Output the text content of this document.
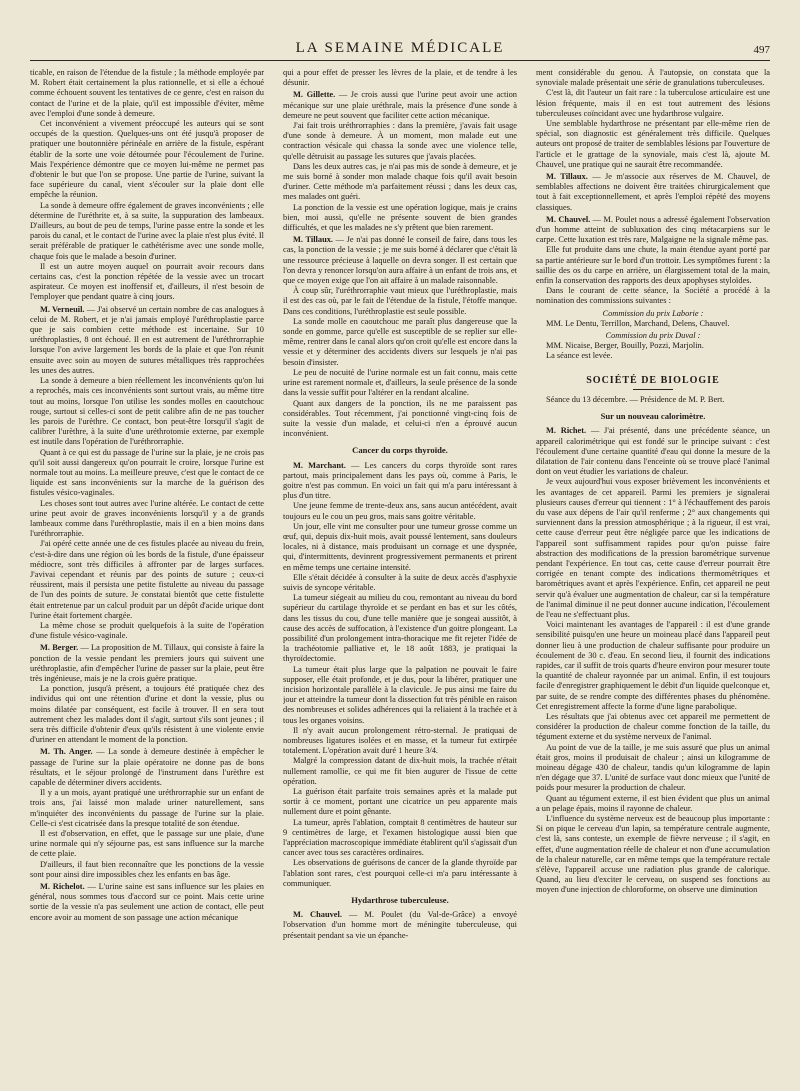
LA SEMAINE MÉDICALE	497

ticable, en raison de l'étendue de la fistule ; la méthode employée par M. Robert était certainement la plus rationnelle, et si elle a échoué comme échouent souvent les tentatives de ce genre, c'est en raison du contact de l'urine et de la plaie, qu'il est impossible d'éviter, même avec l'emploi d'une sonde à demeure.

Cet inconvénient a vivement préoccupé les auteurs qui se sont occupés de la question. Quelques-uns ont été jusqu'à proposer de pratiquer une boutonnière périnéale en arrière de la fistule, espérant établir de la sorte une voie détournée pour l'écoulement de l'urine. Mais l'expérience démontre que ce moyen lui-même ne permet pas d'obtenir le but que l'on se propose. Une partie de l'urine, suivant la face supérieure du canal, vient s'écouler sur la plaie dont elle empêche la réunion.

La sonde à demeure offre également de graves inconvénients ; elle détermine de l'uréthrite et, à sa suite, la suppuration des lambeaux. D'ailleurs, au bout de peu de temps, l'urine passe entre la sonde et les parois du canal, et le contact de l'urine avec la plaie n'est plus évité. Il serait préférable de pratiquer le cathétérisme avec une sonde molle, chaque fois que le malade a besoin d'uriner.

Il est un autre moyen auquel on pourrait avoir recours dans certains cas, c'est la ponction répétée de la vessie avec un trocart aspirateur. Ce moyen est inoffensif et, d'ailleurs, il n'est besoin de l'employer que pendant quatre à cinq jours.

M. Verneuil. — J'ai observé un certain nombre de cas analogues à celui de M. Robert, et je n'ai jamais employé l'uréthroplastie parce que je sais combien cette méthode est incertaine. Sur 10 uréthroplasties, 8 ont échoué. Il en est autrement de l'uréthrorraphie lorsque l'on avive largement les bords de la plaie et que l'on réunit ensuite avec soin au moyen de sutures métalliques très rapprochées les unes des autres.

La sonde à demeure a bien réellement les inconvénients qu'on lui a reprochés, mais ces inconvénients sont surtout vrais, au même titre tout au moins, lorsque l'on utilise les sondes molles en caoutchouc rouge, surtout si celles-ci sont de petit calibre afin de ne pas toucher les parois de l'urèthre. Ce contact, bon peut-être lorsqu'il s'agit de calibrer l'urèthre, à la suite d'une uréthrotomie externe, par exemple est inutile dans l'opération de l'uréthrorraphie.

Quant à ce qui est du passage de l'urine sur la plaie, je ne crois pas qu'il soit aussi dangereux qu'on pourrait le croire, lorsque l'urine est normale tout au moins. La meilleure preuve, c'est que le contact de ce liquide est sans inconvénients sur la marche de la guérison des fistules vésico-vaginales.

Les choses sont tout autres avec l'urine altérée. Le contact de cette urine peut avoir de graves inconvénients lorsqu'il y a de grands lambeaux comme dans l'uréthroplastie, mais il en a bien moins dans l'uréthrorraphie.

J'ai opéré cette année une de ces fistules placée au niveau du frein, c'est-à-dire dans une région où les bords de la fistule, d'une épaisseur médiocre, sont très difficiles à affronter par de larges surfaces. J'avivai cependant et réunis par des points de suture ; ceux-ci réussirent, mais il persista une petite fistulette au niveau du passage de l'un des points de suture. Je constatai bientôt que cette fistulette était entretenue par un calcul produit par un dépôt d'acide urique dont l'urine était fortement chargée.

La même chose se produit quelquefois à la suite de l'opération d'une fistule vésico-vaginale.

M. Berger. — La proposition de M. Tillaux, qui consiste à faire la ponction de la vessie pendant les premiers jours qui suivent une uréthroplastie, afin d'empêcher l'urine de passer sur la plaie, peut être très ingénieuse, mais je ne la crois guère pratique.

La ponction, jusqu'à présent, a toujours été pratiquée chez des individus qui ont une rétention d'urine et dont la vessie, plus ou moins dilatée par conséquent, est facile à trouver. Il en sera tout autrement chez les malades dont il s'agit, surtout s'ils sont jeunes ; il sera très difficile d'obtenir d'eux qu'ils résistent à une violente envie d'uriner en attendant le moment de la ponction.

M. Th. Anger. — La sonde à demeure destinée à empêcher le passage de l'urine sur la plaie opératoire ne donne pas de bons résultats, et le séjour prolongé de l'instrument dans l'urèthre est capable de déterminer divers accidents.

Il y a un mois, ayant pratiqué une uréthrorraphie sur un enfant de trois ans, j'ai laissé mon malade uriner naturellement, sans m'inquiéter des inconvénients du passage de l'urine sur la plaie. Celle-ci s'est cicatrisée dans la presque totalité de son étendue.

Il est d'observation, en effet, que le passage sur une plaie, d'une urine normale qui n'y séjourne pas, est sans influence sur la marche de cette plaie.

D'ailleurs, il faut bien reconnaître que les ponctions de la vessie sont pour ainsi dire impossibles chez les enfants en bas âge.

M. Richelot. — L'urine saine est sans influence sur les plaies en général, nous sommes tous d'accord sur ce point. Mais cette urine sortie de la vessie n'a pas seulement une action de contact, elle peut encore avoir au moment de son passage une action mécanique

qui a pour effet de presser les lèvres de la plaie, et de tendre à les désunir.

M. Gillette. — Je crois aussi que l'urine peut avoir une action mécanique sur une plaie uréthrale, mais la présence d'une sonde à demeure ne peut souvent que faciliter cette action mécanique.

J'ai fait trois uréthrorraphies : dans la première, j'avais fait usage d'une sonde à demeure. À un moment, mon malade eut une contraction vésicale qui chassa la sonde avec une violence telle, qu'elle détruisit au passage les sutures que j'avais placées.

Dans les deux autres cas, je n'ai pas mis de sonde à demeure, et je me suis borné à sonder mon malade chaque fois qu'il avait besoin d'uriner. Cette méthode m'a parfaitement réussi ; dans les deux cas, mes malades ont guéri.

La ponction de la vessie est une opération logique, mais je crains bien, moi aussi, qu'elle ne présente souvent de bien grandes difficultés, et que les malades ne s'y prêtent que bien rarement.

M. Tillaux. — Je n'ai pas donné le conseil de faire, dans tous les cas, la ponction de la vessie ; je me suis borné à déclarer que c'était là une ressource précieuse à laquelle on devra songer. Il est certain que l'on devra y renoncer lorsqu'on aura affaire à un enfant de trois ans, et que ce moyen exige que l'on ait affaire à un malade raisonnable.

À coup sûr, l'uréthrorraphie vaut mieux que l'uréthroplastie, mais il est des cas où, par le fait de l'étendue de la fistule, l'étoffe manque. Dans ces conditions, l'uréthroplastie est seule possible.

La sonde molle en caoutchouc me paraît plus dangereuse que la sonde en gomme, parce qu'elle est susceptible de se replier sur elle-même, rentrer dans le canal alors qu'on croit qu'elle est encore dans la vessie et y déterminer des accidents divers sur lesquels je n'ai pas besoin d'insister.

Le peu de nocuité de l'urine normale est un fait connu, mais cette urine est rarement normale et, d'ailleurs, la seule présence de la sonde dans la vessie suffit pour l'altérer en la rendant alcaline.

Quant aux dangers de la ponction, ils ne me paraissent pas considérables. Tout récemment, j'ai ponctionné vingt-cinq fois de suite la vessie d'un malade, et celui-ci n'en a éprouvé aucun inconvénient.

Cancer du corps thyroïde.

M. Marchant. — Les cancers du corps thyroïde sont rares partout, mais principalement dans les pays où, comme à Paris, le goitre n'est pas commun. En voici un fait qui m'a paru intéressant à plus d'un titre.

Une jeune femme de trente-deux ans, sans aucun antécédent, avait toujours eu le cou un peu gros, mais sans goitre véritable.

Un jour, elle vint me consulter pour une tumeur grosse comme un œuf, qui, depuis dix-huit mois, avait poussé lentement, sans douleurs locales, ni à distance, mais produisant un cornage et une dyspnée, qui, d'intermittents, devinrent progressivement permanents et prirent en même temps une certaine intensité.

Elle s'était décidée à consulter à la suite de deux accès d'asphyxie suivis de syncope véritable.

La tumeur siégeait au milieu du cou, remontant au niveau du bord supérieur du cartilage thyroïde et se perdant en bas et sur les côtés, dans les tissus du cou, d'une telle manière que je songeai aussitôt, à cause des accès de suffocation, à l'existence d'un goitre plongeant. La possibilité d'un prolongement intra-thoracique me fit rejeter l'idée de la trachéotomie palliative et, le 18 août 1883, je pratiquai la thyroïdectomie.

La tumeur était plus large que la palpation ne pouvait le faire supposer, elle était profonde, et je dus, pour la libérer, pratiquer une incision horizontale parallèle à la clavicule. Je pus ainsi me faire du jour et atteindre la tumeur dont la dissection fut très pénible en raison des nombreuses et solides adhérences qui la reliaient à la trachée et à tous les organes voisins.

Il n'y avait aucun prolongement rétro-sternal. Je pratiquai de nombreuses ligatures isolées et en masse, et la tumeur fut extirpée totalement. L'opération avait duré 1 heure 3/4.

Malgré la compression datant de dix-huit mois, la trachée n'était nullement ramollie, ce qui me fit bien augurer de l'issue de cette opération.

La guérison était parfaite trois semaines après et la malade put sortir à ce moment, portant une cicatrice un peu apparente mais nullement dure et point gênante.

La tumeur, après l'ablation, comptait 8 centimètres de hauteur sur 9 centimètres de large, et l'examen histologique aussi bien que l'appréciation macroscopique immédiate établirent qu'il s'agissait d'un cancer avec tous ses caractères ordinaires.

Les observations de guérisons de cancer de la glande thyroïde par l'ablation sont rares, c'est pourquoi celle-ci m'a paru intéressante à communiquer.

Hydarthrose tuberculeuse.

M. Chauvel. — M. Poulet (du Val-de-Grâce) a envoyé l'observation d'un homme mort de méningite tuberculeuse, qui présentait pendant sa vie un épanche-

ment considérable du genou. À l'autopsie, on constata que la synoviale malade présentait une série de granulations tuberculeuses.

C'est là, dit l'auteur un fait rare : la tuberculose articulaire est une lésion fréquente, mais il en est tout autrement des lésions tuberculeuses coïncidant avec une hydarthrose vulgaire.

Une semblable hydarthrose ne présentant par elle-même rien de spécial, son diagnostic est généralement très difficile. Quelques auteurs ont proposé de traiter de semblables lésions par l'ouverture de l'article et le grattage de la synoviale, mais c'est là, ajoute M. Chauvel, une pratique qui ne saurait être recommandée.

M. Tillaux. — Je m'associe aux réserves de M. Chauvel, de semblables affections ne doivent être traitées chirurgicalement que tout à fait exceptionnellement, et après l'emploi répété des moyens classiques.

M. Chauvel. — M. Poulet nous a adressé également l'observation d'un homme atteint de subluxation des cinq métacarpiens sur le carpe. Cette luxation est très rare, Malgaigne ne la signale même pas.

Elle fut produite dans une chute, la main étendue ayant porté par sa partie antérieure sur le bord d'un trottoir. Les symptômes furent : la saillie des os du carpe en arrière, un élargissement total de la main, enfin la conservation des rapports des deux apophyses styloïdes.

Dans le courant de cette séance, la Société a procédé à la nomination des commissions suivantes :

Commission du prix Laborie :

MM. Le Dentu, Terrillon, Marchand, Delens, Chauvel.

Commission du prix Duval :

MM. Nicaise, Berger, Bouilly, Pozzi, Marjolin.

La séance est levée.

SOCIÉTÉ DE BIOLOGIE

Séance du 13 décembre. — Présidence de M. P. Bert.

Sur un nouveau calorimètre.

M. Richet. — J'ai présenté, dans une précédente séance, un appareil calorimétrique qui est fondé sur le principe suivant : c'est l'écoulement d'une certaine quantité d'eau qui donne la mesure de la dilatation de l'air contenu dans l'enceinte où se trouve placé l'animal dont on veut étudier les variations de chaleur.

Je veux aujourd'hui vous exposer brièvement les inconvénients et les avantages de cet appareil. Parmi les premiers je signalerai plusieurs causes d'erreur qui tiennent : 1° à l'échauffement des parois du vase aux dépens de l'air qu'il renferme ; 2° aux changements qui surviennent dans la pression atmosphérique ; à la rigueur, il est vrai, cette cause d'erreur peut être négligée parce que les indications de l'appareil sont suffisamment rapides pour qu'on puisse faire abstraction des modifications de la pression barométrique survenue pendant l'expérience. En tout cas, cette cause d'erreur pourrait être corrigée en tenant compte des indications thermométriques et barométriques avant et après l'expérience. Enfin, cet appareil ne peut servir qu'à évaluer une augmentation de chaleur, car si la température de l'animal diminue il ne peut donner aucune indication, l'écoulement de l'eau ne s'effectuant plus.

Voici maintenant les avantages de l'appareil : il est d'une grande sensibilité puisqu'en une heure un moineau placé dans l'appareil peut donner lieu à une production de chaleur suffisante pour produire un écoulement de 30 c. d'eau. En second lieu, il fournit des indications rapides, car il suffit de trois quarts d'heure environ pour mesurer toute la quantité de chaleur rayonnée par un animal. Enfin, il est toujours facile d'enregistrer graphiquement le débit d'un liquide quelconque et, par suite, de se rendre compte des différentes phases du phénomène. Cet enregistrement affecte la forme d'une ligne parabolique.

Les résultats que j'ai obtenus avec cet appareil me permettent de considérer la production de chaleur comme fonction de la taille, du tégument externe et du système nerveux de l'animal.

Au point de vue de la taille, je me suis assuré que plus un animal était gros, moins il produisait de chaleur ; ainsi un kilogramme de moineau dégage 430 de chaleur, tandis qu'un kilogramme de lapin n'en dégage que 37. L'unité de surface vaut donc mieux que l'unité de poids pour mesurer la production de chaleur.

Quant au tégument externe, il est bien évident que plus un animal a un pelage épais, moins il rayonne de chaleur.

L'influence du système nerveux est de beaucoup plus importante : Si on pique le cerveau d'un lapin, sa température centrale augmente, c'est là, sans conteste, un exemple de fièvre nerveuse ; il s'agit, en effet, d'une augmentation réelle de chaleur et non d'une accumulation de la chaleur naturelle, car en même temps que la température rectale s'élève, l'appareil accuse une radiation plus grande de calorique. Quand, au lieu d'exciter le cerveau, on suspend ses fonctions au moyen d'une injection de chloroforme, on observe une diminution
